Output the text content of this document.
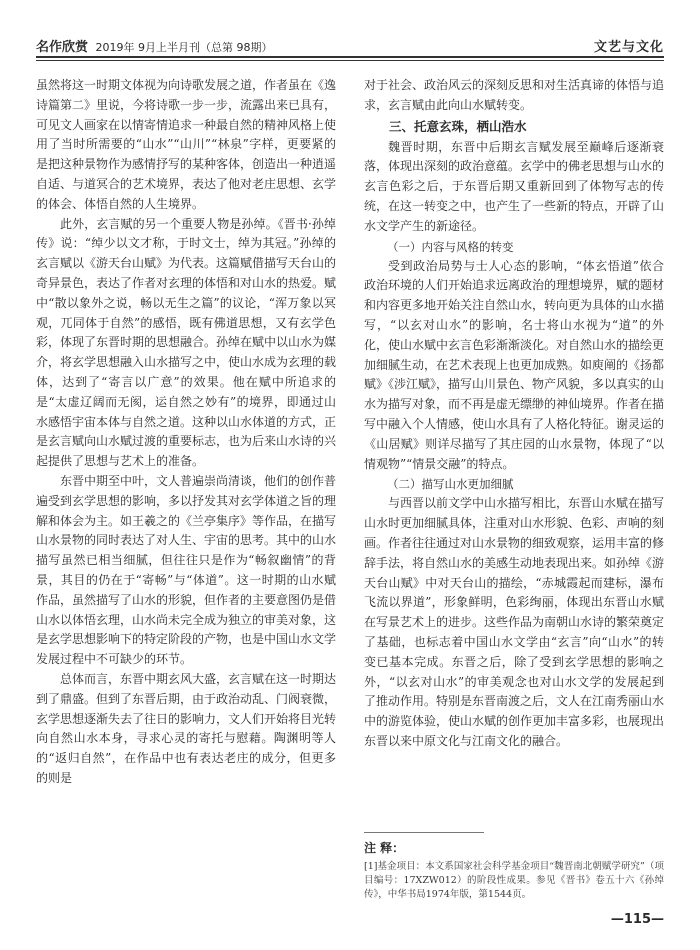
名作欣赏 2019年 9月上半月刊（总第 98期）	文艺与文化

虽然将这一时期文体视为向诗歌发展之道，作者虽在《逸诗篇第二》里说，今将诗歌一步一步，流露出来已具有，可见文人画家在以情寄情追求一种最自然的精神风格上使用了当时所需要的“山水”“山川”“林泉”字样，更要紧的是把这种景物作为感情抒写的某种客体，创造出一种逍遥自适、与道冥合的艺术境界，表达了他对老庄思想、玄学的体会、体悟自然的人生境界。

此外，玄言赋的另一个重要人物是孙绰。《晋书·孙绰传》说：“绰少以文才称，于时文士，绰为其冠。”孙绰的玄言赋以《游天台山赋》为代表。这篇赋借描写天台山的奇异景色，表达了作者对玄理的体悟和对山水的热爱。赋中“散以象外之说，畅以无生之篇”的议论，“浑万象以冥观，兀同体于自然”的感悟，既有佛道思想，又有玄学色彩，体现了东晋时期的思想融合。孙绰在赋中以山水为媒介，将玄学思想融入山水描写之中，使山水成为玄理的载体，达到了“寄言以广意”的效果。他在赋中所追求的是“太虚辽阔而无阂，运自然之妙有”的境界，即通过山水感悟宇宙本体与自然之道。这种以山水体道的方式，正是玄言赋向山水赋过渡的重要标志，也为后来山水诗的兴起提供了思想与艺术上的准备。

东晋中期至中叶，文人普遍崇尚清谈，他们的创作普遍受到玄学思想的影响，多以抒发其对玄学体道之旨的理解和体会为主。如王羲之的《兰亭集序》等作品，在描写山水景物的同时表达了对人生、宇宙的思考。其中的山水描写虽然已相当细腻，但往往只是作为“畅叙幽情”的背景，其目的仍在于“寄畅”与“体道”。这一时期的山水赋作品，虽然描写了山水的形貌，但作者的主要意图仍是借山水以体悟玄理，山水尚未完全成为独立的审美对象，这是玄学思想影响下的特定阶段的产物，也是中国山水文学发展过程中不可缺少的环节。

总体而言，东晋中期玄风大盛，玄言赋在这一时期达到了鼎盛。但到了东晋后期，由于政治动乱、门阀衰微，玄学思想逐渐失去了往日的影响力，文人们开始将目光转向自然山水本身，寻求心灵的寄托与慰藉。陶渊明等人的“返归自然”，在作品中也有表达老庄的成分，但更多的则是

对于社会、政治风云的深刻反思和对生活真谛的体悟与追求，玄言赋由此向山水赋转变。

三、托意玄珠，栖山浩水

魏晋时期，东晋中后期玄言赋发展至巅峰后逐渐衰落，体现出深刻的政治意蕴。玄学中的佛老思想与山水的玄言色彩之后，于东晋后期又重新回到了体物写志的传统，在这一转变之中，也产生了一些新的特点，开辟了山水文学产生的新途径。

（一）内容与风格的转变

受到政治局势与士人心态的影响，“体玄悟道”依合政治环境的人们开始追求远离政治的理想境界，赋的题材和内容更多地开始关注自然山水，转向更为具体的山水描写，“以玄对山水”的影响，名士将山水视为“道”的外化，使山水赋中玄言色彩渐渐淡化。对自然山水的描绘更加细腻生动，在艺术表现上也更加成熟。如庾阐的《扬都赋》《涉江赋》，描写山川景色、物产风貌，多以真实的山水为描写对象，而不再是虚无缥缈的神仙境界。作者在描写中融入个人情感，使山水具有了人格化特征。谢灵运的《山居赋》则详尽描写了其庄园的山水景物，体现了“以情观物”“情景交融”的特点。

（二）描写山水更加细腻

与西晋以前文学中山水描写相比，东晋山水赋在描写山水时更加细腻具体，注重对山水形貌、色彩、声响的刻画。作者往往通过对山水景物的细致观察，运用丰富的修辞手法，将自然山水的美感生动地表现出来。如孙绰《游天台山赋》中对天台山的描绘，“赤城霞起而建标，瀑布飞流以界道”，形象鲜明，色彩绚丽，体现出东晋山水赋在写景艺术上的进步。这些作品为南朝山水诗的繁荣奠定了基础，也标志着中国山水文学由“玄言”向“山水”的转变已基本完成。东晋之后，除了受到玄学思想的影响之外，“以玄对山水”的审美观念也对山水文学的发展起到了推动作用。特别是东晋南渡之后，文人在江南秀丽山水中的游览体验，使山水赋的创作更加丰富多彩，也展现出东晋以来中原文化与江南文化的融合。

注 释：
[1]基金项目：本文系国家社会科学基金项目“魏晋南北朝赋学研究”（项目编号：17XZW012）的阶段性成果。参见《晋书》卷五十六《孙绰传》，中华书局1974年版，第1544页。
—115—
